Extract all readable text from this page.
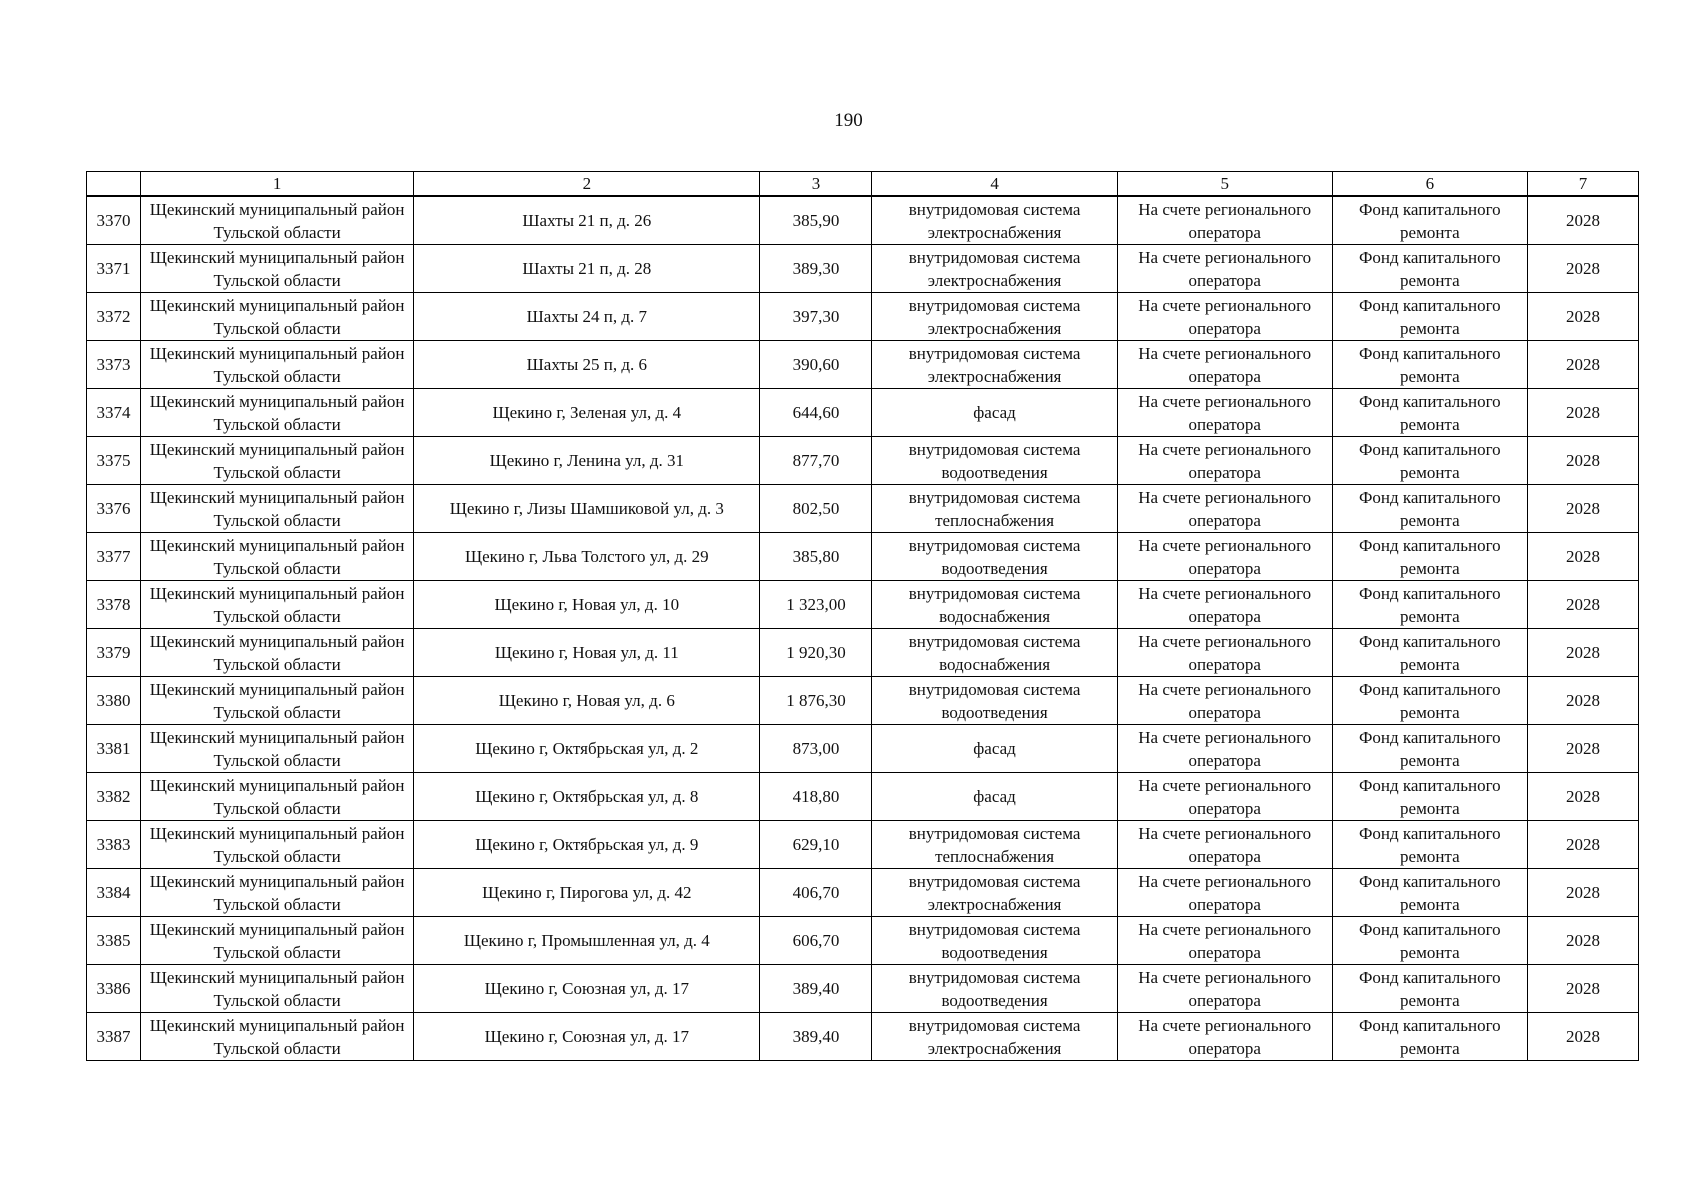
190
	1	2	3	4	5	6	7
3370	Щекинский муниципальный район Тульской области	Шахты 21 п, д. 26	385,90	внутридомовая система электроснабжения	На счете регионального оператора	Фонд капитального ремонта	2028
3371	Щекинский муниципальный район Тульской области	Шахты 21 п, д. 28	389,30	внутридомовая система электроснабжения	На счете регионального оператора	Фонд капитального ремонта	2028
3372	Щекинский муниципальный район Тульской области	Шахты 24 п, д. 7	397,30	внутридомовая система электроснабжения	На счете регионального оператора	Фонд капитального ремонта	2028
3373	Щекинский муниципальный район Тульской области	Шахты 25 п, д. 6	390,60	внутридомовая система электроснабжения	На счете регионального оператора	Фонд капитального ремонта	2028
3374	Щекинский муниципальный район Тульской области	Щекино г, Зеленая ул, д. 4	644,60	фасад	На счете регионального оператора	Фонд капитального ремонта	2028
3375	Щекинский муниципальный район Тульской области	Щекино г, Ленина ул, д. 31	877,70	внутридомовая система водоотведения	На счете регионального оператора	Фонд капитального ремонта	2028
3376	Щекинский муниципальный район Тульской области	Щекино г, Лизы Шамшиковой ул, д. 3	802,50	внутридомовая система теплоснабжения	На счете регионального оператора	Фонд капитального ремонта	2028
3377	Щекинский муниципальный район Тульской области	Щекино г, Льва Толстого ул, д. 29	385,80	внутридомовая система водоотведения	На счете регионального оператора	Фонд капитального ремонта	2028
3378	Щекинский муниципальный район Тульской области	Щекино г, Новая ул, д. 10	1 323,00	внутридомовая система водоснабжения	На счете регионального оператора	Фонд капитального ремонта	2028
3379	Щекинский муниципальный район Тульской области	Щекино г, Новая ул, д. 11	1 920,30	внутридомовая система водоснабжения	На счете регионального оператора	Фонд капитального ремонта	2028
3380	Щекинский муниципальный район Тульской области	Щекино г, Новая ул, д. 6	1 876,30	внутридомовая система водоотведения	На счете регионального оператора	Фонд капитального ремонта	2028
3381	Щекинский муниципальный район Тульской области	Щекино г, Октябрьская ул, д. 2	873,00	фасад	На счете регионального оператора	Фонд капитального ремонта	2028
3382	Щекинский муниципальный район Тульской области	Щекино г, Октябрьская ул, д. 8	418,80	фасад	На счете регионального оператора	Фонд капитального ремонта	2028
3383	Щекинский муниципальный район Тульской области	Щекино г, Октябрьская ул, д. 9	629,10	внутридомовая система теплоснабжения	На счете регионального оператора	Фонд капитального ремонта	2028
3384	Щекинский муниципальный район Тульской области	Щекино г, Пирогова ул, д. 42	406,70	внутридомовая система электроснабжения	На счете регионального оператора	Фонд капитального ремонта	2028
3385	Щекинский муниципальный район Тульской области	Щекино г, Промышленная ул, д. 4	606,70	внутридомовая система водоотведения	На счете регионального оператора	Фонд капитального ремонта	2028
3386	Щекинский муниципальный район Тульской области	Щекино г, Союзная ул, д. 17	389,40	внутридомовая система водоотведения	На счете регионального оператора	Фонд капитального ремонта	2028
3387	Щекинский муниципальный район Тульской области	Щекино г, Союзная ул, д. 17	389,40	внутридомовая система электроснабжения	На счете регионального оператора	Фонд капитального ремонта	2028
